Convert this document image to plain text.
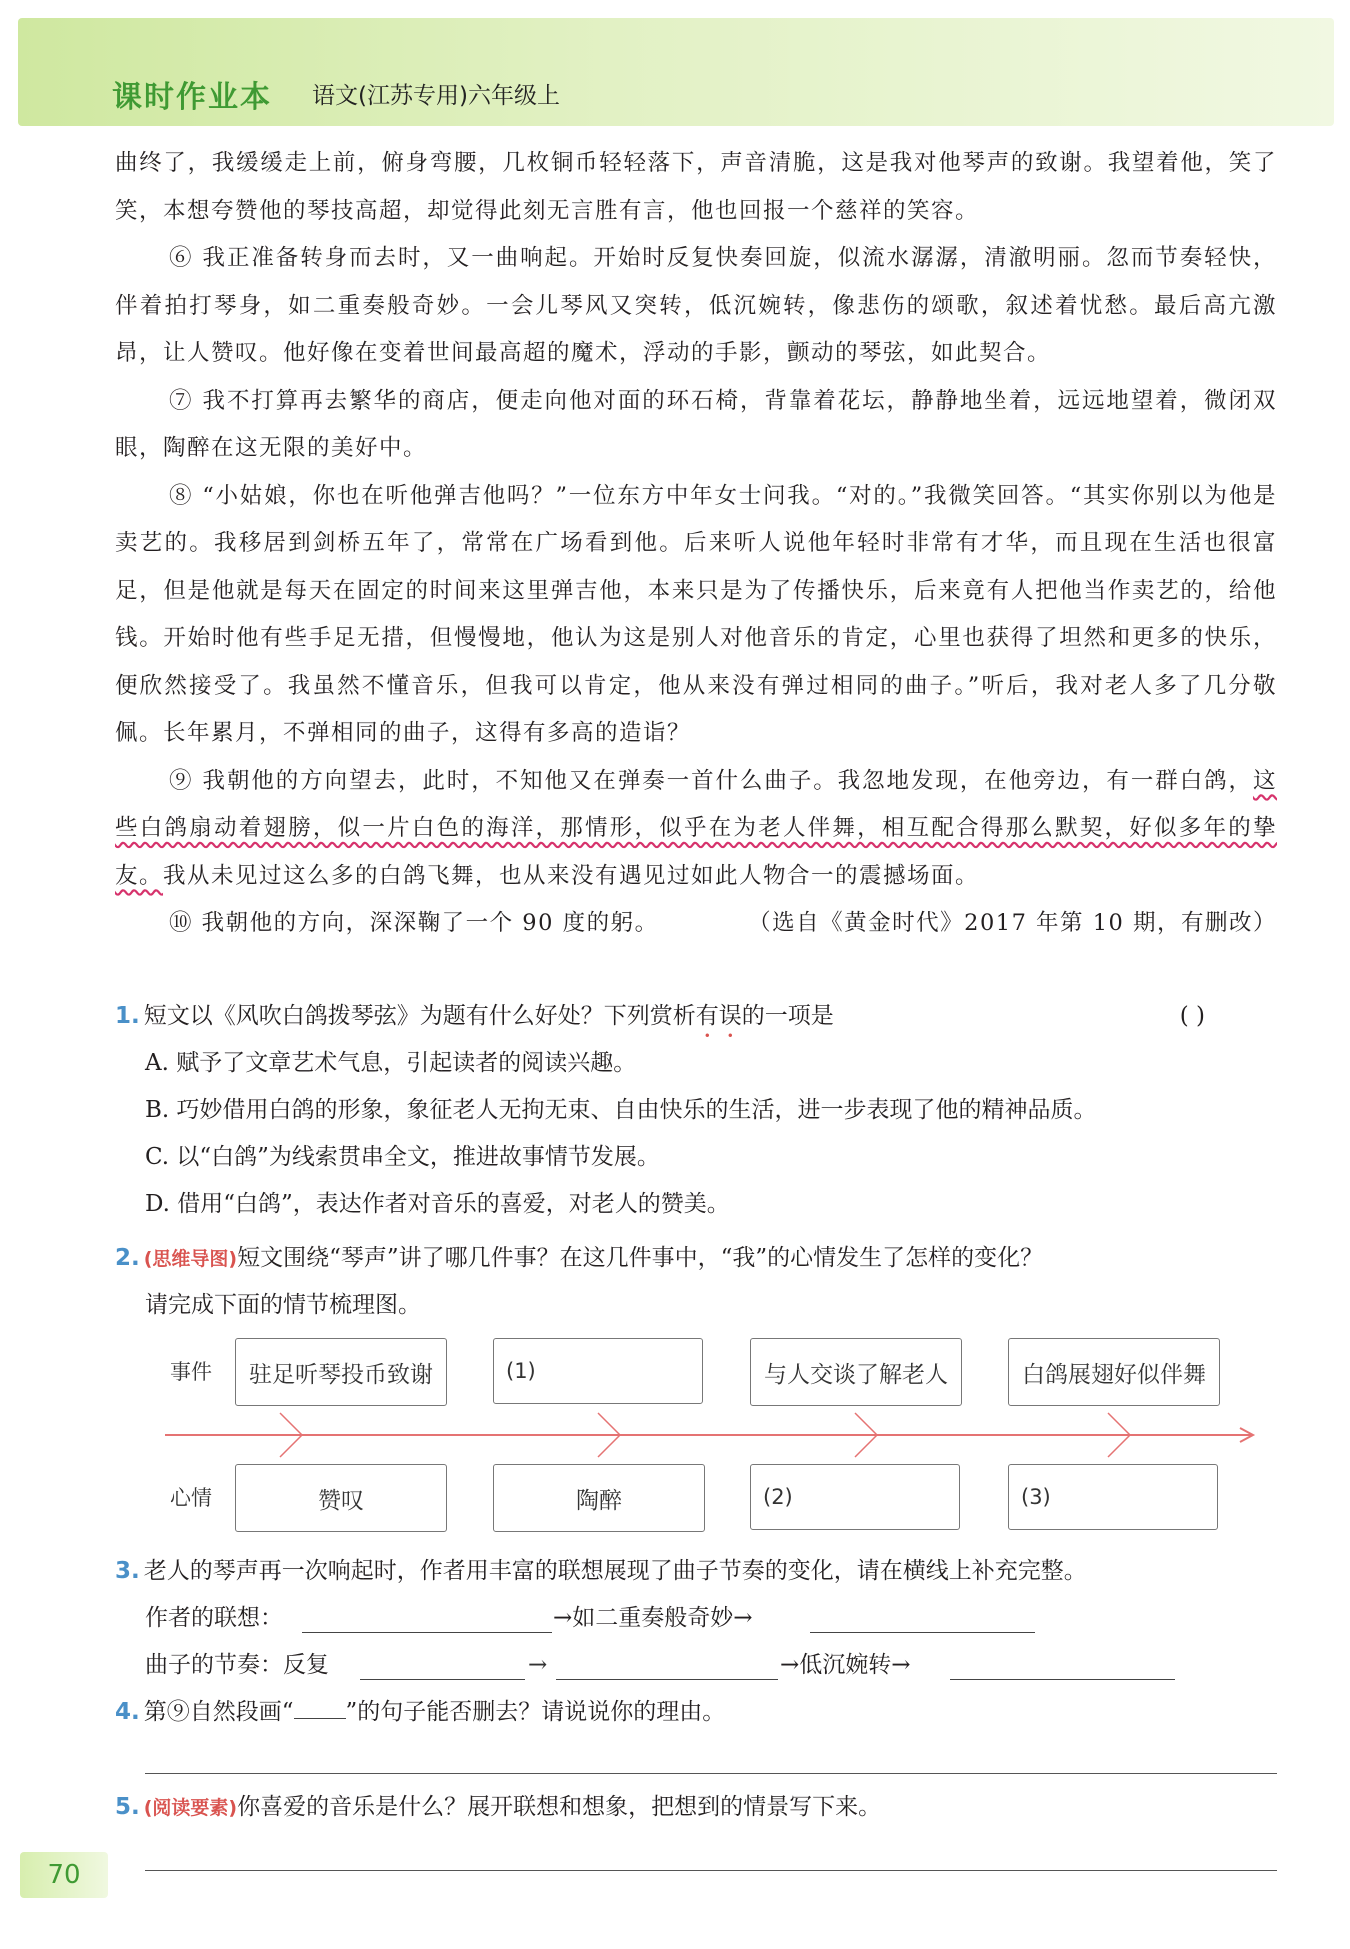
课时作业本 语文(江苏专用)六年级上

曲终了，我缓缓走上前，俯身弯腰，几枚铜币轻轻落下，声音清脆，这是我对他琴声的致谢。我望着他，笑了笑，本想夸赞他的琴技高超，却觉得此刻无言胜有言，他也回报一个慈祥的笑容。

⑥ 我正准备转身而去时，又一曲响起。开始时反复快奏回旋，似流水潺潺，清澈明丽。忽而节奏轻快，伴着拍打琴身，如二重奏般奇妙。一会儿琴风又突转，低沉婉转，像悲伤的颂歌，叙述着忧愁。最后高亢激昂，让人赞叹。他好像在变着世间最高超的魔术，浮动的手影，颤动的琴弦，如此契合。

⑦ 我不打算再去繁华的商店，便走向他对面的环石椅，背靠着花坛，静静地坐着，远远地望着，微闭双眼，陶醉在这无限的美好中。

⑧ “小姑娘，你也在听他弹吉他吗？”一位东方中年女士问我。“对的。”我微笑回答。“其实你别以为他是卖艺的。我移居到剑桥五年了，常常在广场看到他。后来听人说他年轻时非常有才华，而且现在生活也很富足，但是他就是每天在固定的时间来这里弹吉他，本来只是为了传播快乐，后来竟有人把他当作卖艺的，给他钱。开始时他有些手足无措，但慢慢地，他认为这是别人对他音乐的肯定，心里也获得了坦然和更多的快乐，便欣然接受了。我虽然不懂音乐，但我可以肯定，他从来没有弹过相同的曲子。”听后，我对老人多了几分敬佩。长年累月，不弹相同的曲子，这得有多高的造诣？

⑨ 我朝他的方向望去，此时，不知他又在弹奏一首什么曲子。我忽地发现，在他旁边，有一群白鸽，这些白鸽扇动着翅膀，似一片白色的海洋，那情形，似乎在为老人伴舞，相互配合得那么默契，好似多年的挚友。我从未见过这么多的白鸽飞舞，也从来没有遇见过如此人物合一的震撼场面。

⑩ 我朝他的方向，深深鞠了一个 90 度的躬。	（选自《黄金时代》2017 年第 10 期，有删改）

1. 短文以《风吹白鸽拨琴弦》为题有什么好处？下列赏析有误的一项是	( )
A. 赋予了文章艺术气息，引起读者的阅读兴趣。
B. 巧妙借用白鸽的形象，象征老人无拘无束、自由快乐的生活，进一步表现了他的精神品质。
C. 以“白鸽”为线索贯串全文，推进故事情节发展。
D. 借用“白鸽”，表达作者对音乐的喜爱，对老人的赞美。
2. (思维导图)短文围绕“琴声”讲了哪几件事？在这几件事中，“我”的心情发生了怎样的变化？
请完成下面的情节梳理图。
事件
心情
驻足听琴投币致谢	(1)	与人交谈了解老人	白鸽展翅好似伴舞
赞叹	陶醉	(2)	(3)
3. 老人的琴声再一次响起时，作者用丰富的联想展现了曲子节奏的变化，请在横线上补充完整。
作者的联想：	→如二重奏般奇妙→
曲子的节奏：反复	→	→低沉婉转→
4. 第⑨自然段画“ ”的句子能否删去？请说说你的理由。
5. (阅读要素)你喜爱的音乐是什么？展开联想和想象，把想到的情景写下来。
70
